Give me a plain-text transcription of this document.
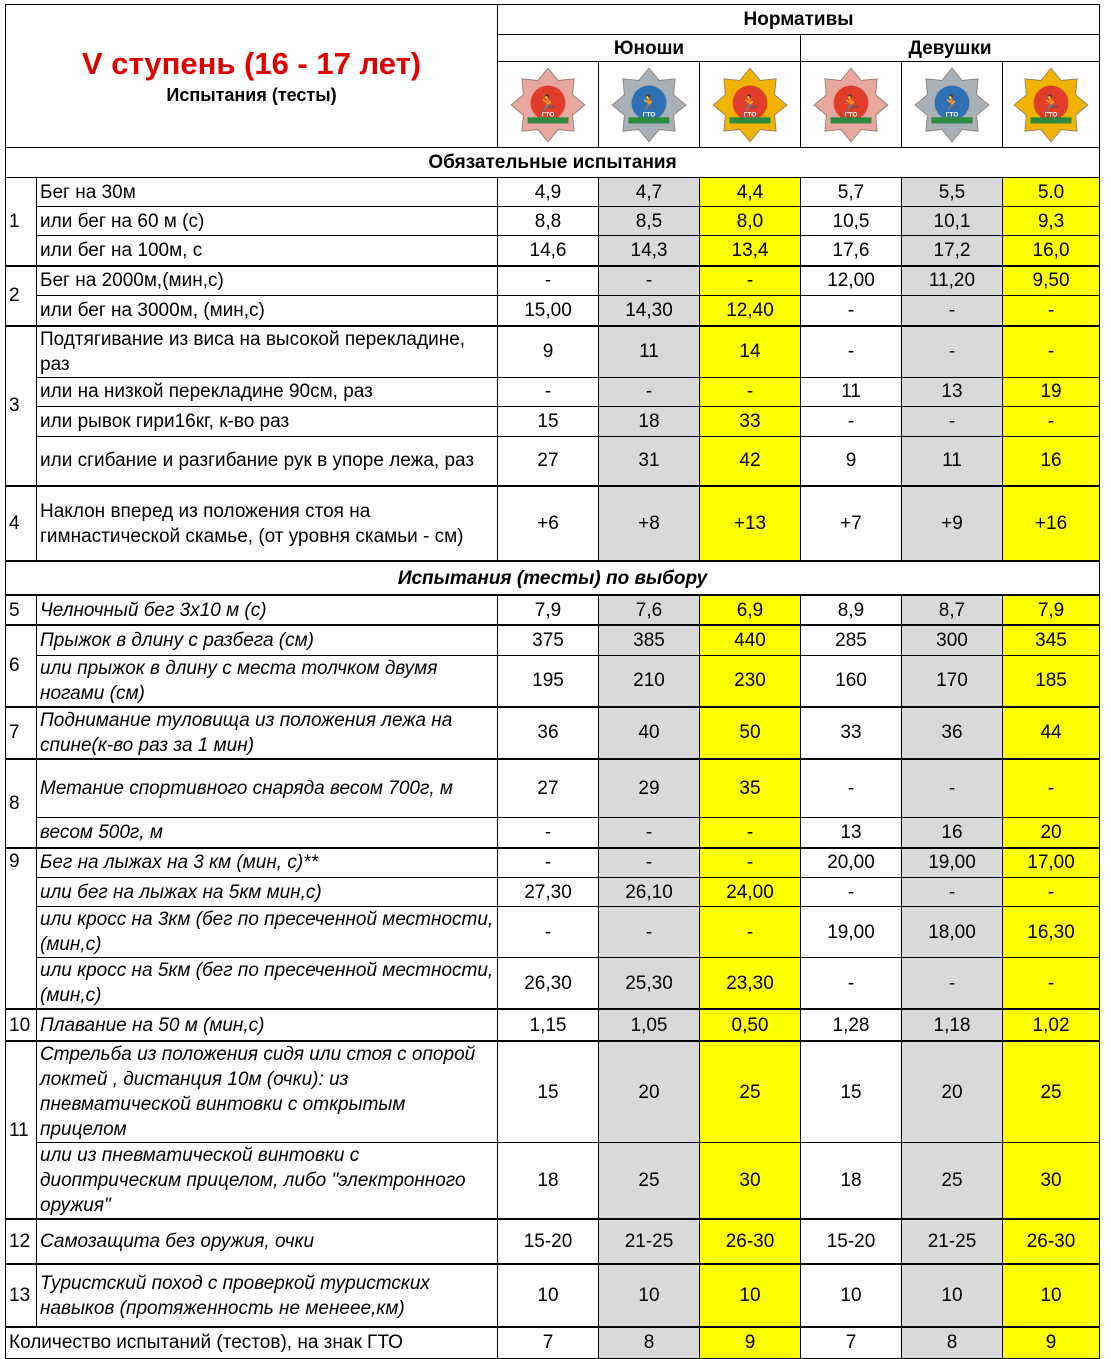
V ступень (16 - 17 лет)
Испытания (тесты)		Нормативы					
		Юноши			Девушки		

🏃
ГТО	🏃
ГТО	🏃
ГТО	🏃
ГТО	🏃
ГТО	🏃
ГТО

Обязательные испытания							
1	Бег на 30м	4,9	4,7	4,4	5,7	5,5	5.0
	или бег на 60 м (с)	8,8	8,5	8,0	10,5	10,1	9,3
	или бег на 100м, с	14,6	14,3	13,4	17,6	17,2	16,0
2	Бег на 2000м,(мин,с)	-	-	-	12,00	11,20	9,50
	или бег на 3000м, (мин,с)	15,00	14,30	12,40	-	-	-
3	Подтягивание из виса на высокой перекладине, раз	9	11	14	-	-	-
	или на низкой перекладине 90см, раз	-	-	-	11	13	19
	или рывок гири16кг, к-во раз	15	18	33	-	-	-
	или сгибание и разгибание рук в упоре лежа, раз	27	31	42	9	11	16
4	Наклон вперед из положения стоя на гимнастической скамье, (от уровня скамьи - см)	+6	+8	+13	+7	+9	+16
Испытания (тесты) по выбору							
5	Челночный бег 3х10 м (с)	7,9	7,6	6,9	8,9	8,7	7,9
6	Прыжок в длину с разбега (см)	375	385	440	285	300	345
	или прыжок в длину с места толчком двумя ногами (см)	195	210	230	160	170	185
7	Поднимание туловища из положения лежа на спине(к-во раз за 1 мин)	36	40	50	33	36	44
8	Метание спортивного снаряда весом 700г, м	27	29	35	-	-	-
	весом 500г, м	-	-	-	13	16	20
9	Бег на лыжах на 3 км (мин, с)**	-	-	-	20,00	19,00	17,00
	или бег на лыжах на 5км мин,с)	27,30	26,10	24,00	-	-	-
	или кросс на 3км (бег по пресеченной местности, (мин,с)	-	-	-	19,00	18,00	16,30
	или кросс на 5км (бег по пресеченной местности, (мин,с)	26,30	25,30	23,30	-	-	-
10	Плавание на 50 м (мин,с)	1,15	1,05	0,50	1,28	1,18	1,02
11	Стрельба из положения сидя или стоя с опорой локтей , дистанция 10м (очки): из пневматической винтовки с открытым прицелом	15	20	25	15	20	25
	или из пневматической винтовки с диоптрическим прицелом, либо "электронного оружия"	18	25	30	18	25	30
12	Самозащита без оружия, очки	15-20	21-25	26-30	15-20	21-25	26-30
13	Туристский поход с проверкой туристских навыков (протяженность не менеее,км)	10	10	10	10	10	10
Количество испытаний (тестов), на знак ГТО		7	8	9	7	8	9
